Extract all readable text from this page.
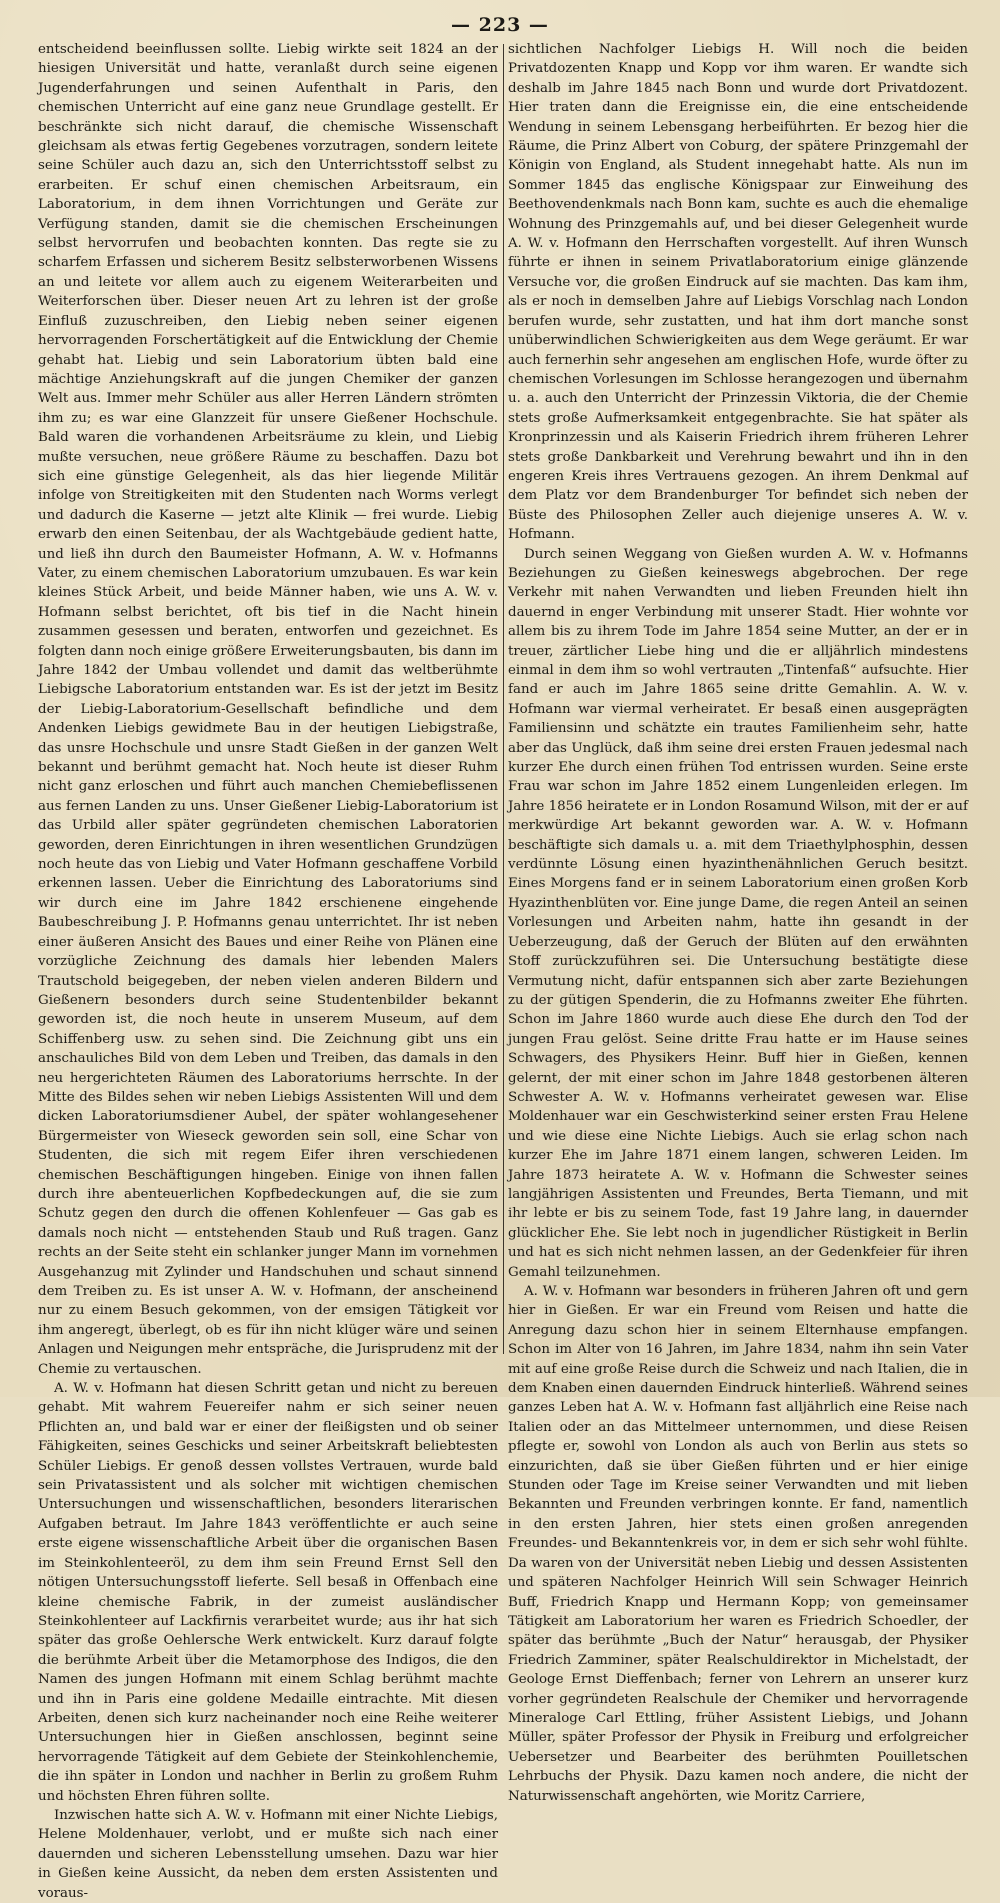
— 223 —

entscheidend beeinflussen sollte. Liebig wirkte seit 1824 an der hiesigen Universität und hatte, veranlaßt durch seine eigenen Jugenderfahrungen und seinen Aufenthalt in Paris, den chemischen Unterricht auf eine ganz neue Grundlage gestellt. Er beschränkte sich nicht darauf, die chemische Wissenschaft gleichsam als etwas fertig Gegebenes vorzutragen, sondern leitete seine Schüler auch dazu an, sich den Unterrichtsstoff selbst zu erarbeiten. Er schuf einen chemischen Arbeitsraum, ein Laboratorium, in dem ihnen Vorrichtungen und Geräte zur Verfügung standen, damit sie die chemischen Erscheinungen selbst hervorrufen und beobachten konnten. Das regte sie zu scharfem Erfassen und sicherem Besitz selbsterworbenen Wissens an und leitete vor allem auch zu eigenem Weiterarbeiten und Weiterforschen über. Dieser neuen Art zu lehren ist der große Einfluß zuzuschreiben, den Liebig neben seiner eigenen hervorragenden Forschertätigkeit auf die Entwicklung der Chemie gehabt hat. Liebig und sein Laboratorium übten bald eine mächtige Anziehungskraft auf die jungen Chemiker der ganzen Welt aus. Immer mehr Schüler aus aller Herren Ländern strömten ihm zu; es war eine Glanzzeit für unsere Gießener Hochschule. Bald waren die vorhandenen Arbeitsräume zu klein, und Liebig mußte versuchen, neue größere Räume zu beschaffen. Dazu bot sich eine günstige Gelegenheit, als das hier liegende Militär infolge von Streitigkeiten mit den Studenten nach Worms verlegt und dadurch die Kaserne — jetzt alte Klinik — frei wurde. Liebig erwarb den einen Seitenbau, der als Wachtgebäude gedient hatte, und ließ ihn durch den Baumeister Hofmann, A. W. v. Hofmanns Vater, zu einem chemischen Laboratorium umzubauen. Es war kein kleines Stück Arbeit, und beide Männer haben, wie uns A. W. v. Hofmann selbst berichtet, oft bis tief in die Nacht hinein zusammen gesessen und beraten, entworfen und gezeichnet. Es folgten dann noch einige größere Erweiterungsbauten, bis dann im Jahre 1842 der Umbau vollendet und damit das weltberühmte Liebigsche Laboratorium entstanden war. Es ist der jetzt im Besitz der Liebig-Laboratorium-Gesellschaft befindliche und dem Andenken Liebigs gewidmete Bau in der heutigen Liebigstraße, das unsre Hochschule und unsre Stadt Gießen in der ganzen Welt bekannt und berühmt gemacht hat. Noch heute ist dieser Ruhm nicht ganz erloschen und führt auch manchen Chemiebeflissenen aus fernen Landen zu uns. Unser Gießener Liebig-Laboratorium ist das Urbild aller später gegründeten chemischen Laboratorien geworden, deren Einrichtungen in ihren wesentlichen Grundzügen noch heute das von Liebig und Vater Hofmann geschaffene Vorbild erkennen lassen. Ueber die Einrichtung des Laboratoriums sind wir durch eine im Jahre 1842 erschienene eingehende Baubeschreibung J. P. Hofmanns genau unterrichtet. Ihr ist neben einer äußeren Ansicht des Baues und einer Reihe von Plänen eine vorzügliche Zeichnung des damals hier lebenden Malers Trautschold beigegeben, der neben vielen anderen Bildern und Gießenern besonders durch seine Studentenbilder bekannt geworden ist, die noch heute in unserem Museum, auf dem Schiffenberg usw. zu sehen sind. Die Zeichnung gibt uns ein anschauliches Bild von dem Leben und Treiben, das damals in den neu hergerichteten Räumen des Laboratoriums herrschte. In der Mitte des Bildes sehen wir neben Liebigs Assistenten Will und dem dicken Laboratoriumsdiener Aubel, der später wohlangesehener Bürgermeister von Wieseck geworden sein soll, eine Schar von Studenten, die sich mit regem Eifer ihren verschiedenen chemischen Beschäftigungen hingeben. Einige von ihnen fallen durch ihre abenteuerlichen Kopfbedeckungen auf, die sie zum Schutz gegen den durch die offenen Kohlenfeuer — Gas gab es damals noch nicht — entstehenden Staub und Ruß tragen. Ganz rechts an der Seite steht ein schlanker junger Mann im vornehmen Ausgehanzug mit Zylinder und Handschuhen und schaut sinnend dem Treiben zu. Es ist unser A. W. v. Hofmann, der anscheinend nur zu einem Besuch gekommen, von der emsigen Tätigkeit vor ihm angeregt, überlegt, ob es für ihn nicht klüger wäre und seinen Anlagen und Neigungen mehr entspräche, die Jurisprudenz mit der Chemie zu vertauschen.

A. W. v. Hofmann hat diesen Schritt getan und nicht zu bereuen gehabt. Mit wahrem Feuereifer nahm er sich seiner neuen Pflichten an, und bald war er einer der fleißigsten und ob seiner Fähigkeiten, seines Geschicks und seiner Arbeitskraft beliebtesten Schüler Liebigs. Er genoß dessen vollstes Vertrauen, wurde bald sein Privatassistent und als solcher mit wichtigen chemischen Untersuchungen und wissenschaftlichen, besonders literarischen Aufgaben betraut. Im Jahre 1843 veröffentlichte er auch seine erste eigene wissenschaftliche Arbeit über die organischen Basen im Steinkohlenteeröl, zu dem ihm sein Freund Ernst Sell den nötigen Untersuchungsstoff lieferte. Sell besaß in Offenbach eine kleine chemische Fabrik, in der zumeist ausländischer Steinkohlenteer auf Lackfirnis verarbeitet wurde; aus ihr hat sich später das große Oehlersche Werk entwickelt. Kurz darauf folgte die berühmte Arbeit über die Metamorphose des Indigos, die den Namen des jungen Hofmann mit einem Schlag berühmt machte und ihn in Paris eine goldene Medaille eintrachte. Mit diesen Arbeiten, denen sich kurz nacheinander noch eine Reihe weiterer Untersuchungen hier in Gießen anschlossen, beginnt seine hervorragende Tätigkeit auf dem Gebiete der Steinkohlenchemie, die ihn später in London und nachher in Berlin zu großem Ruhm und höchsten Ehren führen sollte.

Inzwischen hatte sich A. W. v. Hofmann mit einer Nichte Liebigs, Helene Moldenhauer, verlobt, und er mußte sich nach einer dauernden und sicheren Lebensstellung umsehen. Dazu war hier in Gießen keine Aussicht, da neben dem ersten Assistenten und voraus-

sichtlichen Nachfolger Liebigs H. Will noch die beiden Privatdozenten Knapp und Kopp vor ihm waren. Er wandte sich deshalb im Jahre 1845 nach Bonn und wurde dort Privatdozent. Hier traten dann die Ereignisse ein, die eine entscheidende Wendung in seinem Lebensgang herbeiführten. Er bezog hier die Räume, die Prinz Albert von Coburg, der spätere Prinzgemahl der Königin von England, als Student innegehabt hatte. Als nun im Sommer 1845 das englische Königspaar zur Einweihung des Beethovendenkmals nach Bonn kam, suchte es auch die ehemalige Wohnung des Prinzgemahls auf, und bei dieser Gelegenheit wurde A. W. v. Hofmann den Herrschaften vorgestellt. Auf ihren Wunsch führte er ihnen in seinem Privatlaboratorium einige glänzende Versuche vor, die großen Eindruck auf sie machten. Das kam ihm, als er noch in demselben Jahre auf Liebigs Vorschlag nach London berufen wurde, sehr zustatten, und hat ihm dort manche sonst unüberwindlichen Schwierigkeiten aus dem Wege geräumt. Er war auch fernerhin sehr angesehen am englischen Hofe, wurde öfter zu chemischen Vorlesungen im Schlosse herangezogen und übernahm u. a. auch den Unterricht der Prinzessin Viktoria, die der Chemie stets große Aufmerksamkeit entgegenbrachte. Sie hat später als Kronprinzessin und als Kaiserin Friedrich ihrem früheren Lehrer stets große Dankbarkeit und Verehrung bewahrt und ihn in den engeren Kreis ihres Vertrauens gezogen. An ihrem Denkmal auf dem Platz vor dem Brandenburger Tor befindet sich neben der Büste des Philosophen Zeller auch diejenige unseres A. W. v. Hofmann.

Durch seinen Weggang von Gießen wurden A. W. v. Hofmanns Beziehungen zu Gießen keineswegs abgebrochen. Der rege Verkehr mit nahen Verwandten und lieben Freunden hielt ihn dauernd in enger Verbindung mit unserer Stadt. Hier wohnte vor allem bis zu ihrem Tode im Jahre 1854 seine Mutter, an der er in treuer, zärtlicher Liebe hing und die er alljährlich mindestens einmal in dem ihm so wohl vertrauten „Tintenfaß“ aufsuchte. Hier fand er auch im Jahre 1865 seine dritte Gemahlin. A. W. v. Hofmann war viermal verheiratet. Er besaß einen ausgeprägten Familiensinn und schätzte ein trautes Familienheim sehr, hatte aber das Unglück, daß ihm seine drei ersten Frauen jedesmal nach kurzer Ehe durch einen frühen Tod entrissen wurden. Seine erste Frau war schon im Jahre 1852 einem Lungenleiden erlegen. Im Jahre 1856 heiratete er in London Rosamund Wilson, mit der er auf merkwürdige Art bekannt geworden war. A. W. v. Hofmann beschäftigte sich damals u. a. mit dem Triaethylphosphin, dessen verdünnte Lösung einen hyazinthenähnlichen Geruch besitzt. Eines Morgens fand er in seinem Laboratorium einen großen Korb Hyazinthenblüten vor. Eine junge Dame, die regen Anteil an seinen Vorlesungen und Arbeiten nahm, hatte ihn gesandt in der Ueberzeugung, daß der Geruch der Blüten auf den erwähnten Stoff zurückzuführen sei. Die Untersuchung bestätigte diese Vermutung nicht, dafür entspannen sich aber zarte Beziehungen zu der gütigen Spenderin, die zu Hofmanns zweiter Ehe führten. Schon im Jahre 1860 wurde auch diese Ehe durch den Tod der jungen Frau gelöst. Seine dritte Frau hatte er im Hause seines Schwagers, des Physikers Heinr. Buff hier in Gießen, kennen gelernt, der mit einer schon im Jahre 1848 gestorbenen älteren Schwester A. W. v. Hofmanns verheiratet gewesen war. Elise Moldenhauer war ein Geschwisterkind seiner ersten Frau Helene und wie diese eine Nichte Liebigs. Auch sie erlag schon nach kurzer Ehe im Jahre 1871 einem langen, schweren Leiden. Im Jahre 1873 heiratete A. W. v. Hofmann die Schwester seines langjährigen Assistenten und Freundes, Berta Tiemann, und mit ihr lebte er bis zu seinem Tode, fast 19 Jahre lang, in dauernder glücklicher Ehe. Sie lebt noch in jugendlicher Rüstigkeit in Berlin und hat es sich nicht nehmen lassen, an der Gedenkfeier für ihren Gemahl teilzunehmen.

A. W. v. Hofmann war besonders in früheren Jahren oft und gern hier in Gießen. Er war ein Freund vom Reisen und hatte die Anregung dazu schon hier in seinem Elternhause empfangen. Schon im Alter von 16 Jahren, im Jahre 1834, nahm ihn sein Vater mit auf eine große Reise durch die Schweiz und nach Italien, die in dem Knaben einen dauernden Eindruck hinterließ. Während seines ganzes Leben hat A. W. v. Hofmann fast alljährlich eine Reise nach Italien oder an das Mittelmeer unternommen, und diese Reisen pflegte er, sowohl von London als auch von Berlin aus stets so einzurichten, daß sie über Gießen führten und er hier einige Stunden oder Tage im Kreise seiner Verwandten und mit lieben Bekannten und Freunden verbringen konnte. Er fand, namentlich in den ersten Jahren, hier stets einen großen anregenden Freundes- und Bekanntenkreis vor, in dem er sich sehr wohl fühlte. Da waren von der Universität neben Liebig und dessen Assistenten und späteren Nachfolger Heinrich Will sein Schwager Heinrich Buff, Friedrich Knapp und Hermann Kopp; von gemeinsamer Tätigkeit am Laboratorium her waren es Friedrich Schoedler, der später das berühmte „Buch der Natur“ herausgab, der Physiker Friedrich Zamminer, später Realschuldirektor in Michelstadt, der Geologe Ernst Dieffenbach; ferner von Lehrern an unserer kurz vorher gegründeten Realschule der Chemiker und hervorragende Mineraloge Carl Ettling, früher Assistent Liebigs, und Johann Müller, später Professor der Physik in Freiburg und erfolgreicher Uebersetzer und Bearbeiter des berühmten Pouilletschen Lehrbuchs der Physik. Dazu kamen noch andere, die nicht der Naturwissenschaft angehörten, wie Moritz Carriere,
